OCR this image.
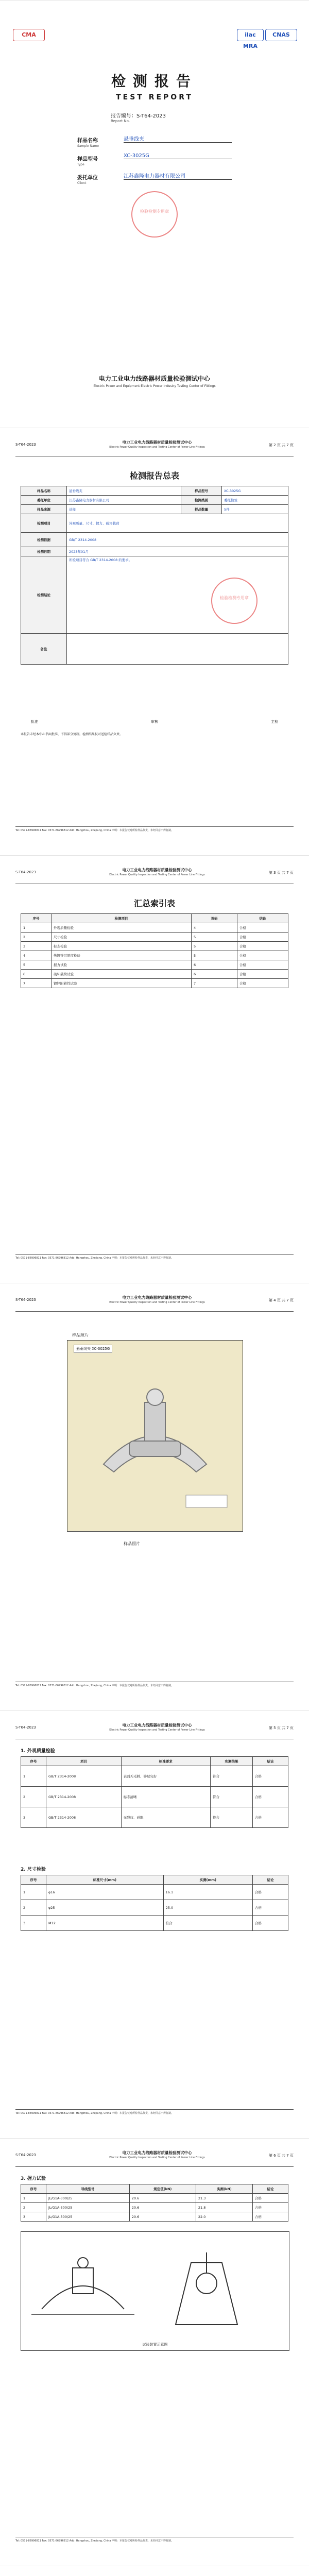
CMA	ilac MRA
CNAS
检测报告
TEST REPORT
报告编号：S-T64-2023
Report No.
样品名称	悬垂线夹
Sample Name
样品型号
XC-3025G
Type
委托单位	江苏鑫隆电力器材有限公司
Client
检验检测专用章
电力工业电力线路器材质量检验测试中心
Electric Power and Equipment Electric Power Industry Testing Center of Fittings
S-T64-2023	电力工业电力线路器材质量检验测试中心
Electric Power Quality Inspection and Testing Center of Power Line Fittings	第 2 页 共 7 页
检测报告总表
样品名称	悬垂线夹	样品型号	XC-3025G
委托单位	江苏鑫隆电力器材有限公司	检测类别	委托检验
样品来源	送样	样品数量	5件
检测项目	外观质量、尺寸、握力、破坏载荷		
检测依据	GB/T 2314-2008		
检测日期	2023年01月		
检测结论	所检项目符合 GB/T 2314-2008 的要求。		
备注			
检验检测专用章
批准	审核	主检
本报告未经本中心书面批准，不得部分复制。检测结果仅对送检样品负责。
Tel: 0571-86996811 Fax: 0571-86996812 Add: Hangzhou, Zhejiang, China 声明：本报告仅对所检样品负责，未经同意不得复制。
S-T64-2023	电力工业电力线路器材质量检验测试中心
Electric Power Quality Inspection and Testing Center of Power Line Fittings	第 3 页 共 7 页
汇总索引表
序号	检测项目	页码	结论
1	外观质量检验	4	合格
2	尺寸检验	5	合格
3	标志检验	5	合格
4	热镀锌层厚度检验	5	合格
5	握力试验	6	合格
6	破坏载荷试验	6	合格
7	镀锌附着性试验	7	合格
Tel: 0571-86996811 Fax: 0571-86996812 Add: Hangzhou, Zhejiang, China 声明：本报告仅对所检样品负责，未经同意不得复制。
S-T64-2023	电力工业电力线路器材质量检验测试中心
Electric Power Quality Inspection and Testing Center of Power Line Fittings	第 4 页 共 7 页
样品照片
悬垂线夹 XC-3025G
样品照片
Tel: 0571-86996811 Fax: 0571-86996812 Add: Hangzhou, Zhejiang, China 声明：本报告仅对所检样品负责，未经同意不得复制。
S-T64-2023	电力工业电力线路器材质量检验测试中心
Electric Power Quality Inspection and Testing Center of Power Line Fittings	第 5 页 共 7 页
1. 外观质量检验
序号	项目	标准要求	实测结果	结论
1	GB/T 2314-2008	表面无毛刺、锌层完好	符合	合格
2	GB/T 2314-2008	标志清晰	符合	合格
3	GB/T 2314-2008	无裂纹、砂眼	符合	合格
2. 尺寸检验
序号	标准尺寸(mm)	实测(mm)	结论
1	φ16	16.1	合格
2	φ25	25.0	合格
3	M12	符合	合格
Tel: 0571-86996811 Fax: 0571-86996812 Add: Hangzhou, Zhejiang, China 声明：本报告仅对所检样品负责，未经同意不得复制。
S-T64-2023	电力工业电力线路器材质量检验测试中心
Electric Power Quality Inspection and Testing Center of Power Line Fittings	第 6 页 共 7 页
3. 握力试验
序号	导线型号	规定值(kN)	实测(kN)	结论
1	JL/G1A-300/25	20.6	21.3	合格
2	JL/G1A-300/25	20.6	21.8	合格
3	JL/G1A-300/25	20.6	22.0	合格
试验装置示意图
Tel: 0571-86996811 Fax: 0571-86996812 Add: Hangzhou, Zhejiang, China 声明：本报告仅对所检样品负责，未经同意不得复制。
